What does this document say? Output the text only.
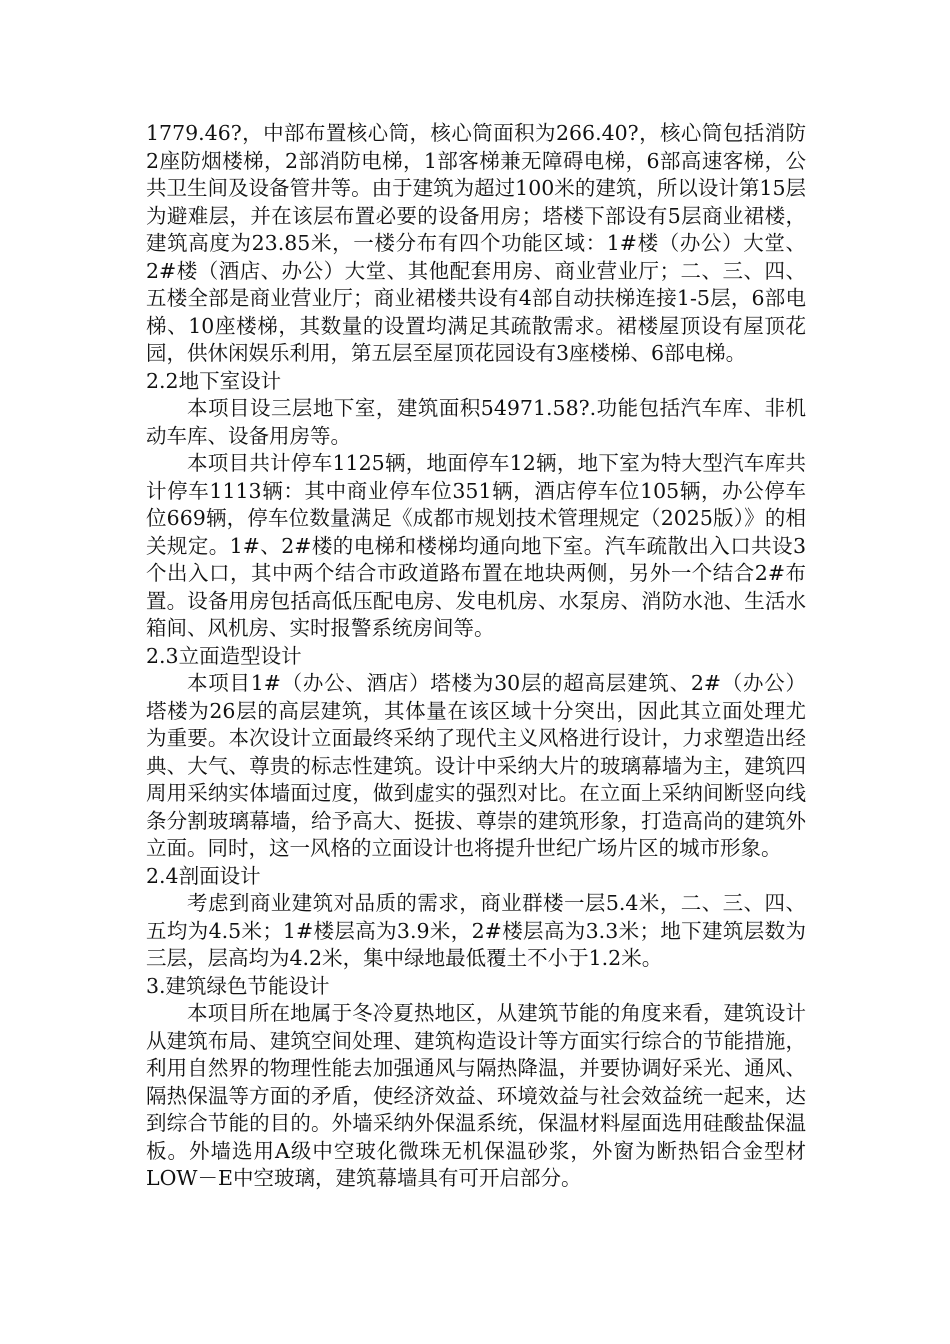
1779.46?，中部布置核心筒，核心筒面积为266.40?，核心筒包括消防2座防烟楼梯，2部消防电梯，1部客梯兼无障碍电梯，6部高速客梯，公共卫生间及设备管井等。由于建筑为超过100米的建筑，所以设计第15层为避难层，并在该层布置必要的设备用房；塔楼下部设有5层商业裙楼，建筑高度为23.85米，一楼分布有四个功能区域：1#楼（办公）大堂、2#楼（酒店、办公）大堂、其他配套用房、商业营业厅；二、三、四、五楼全部是商业营业厅；商业裙楼共设有4部自动扶梯连接1-5层，6部电梯、10座楼梯，其数量的设置均满足其疏散需求。裙楼屋顶设有屋顶花园，供休闲娱乐利用，第五层至屋顶花园设有3座楼梯、6部电梯。

2.2地下室设计

本项目设三层地下室，建筑面积54971.58?.功能包括汽车库、非机动车库、设备用房等。

本项目共计停车1125辆，地面停车12辆，地下室为特大型汽车库共计停车1113辆：其中商业停车位351辆，酒店停车位105辆，办公停车位669辆，停车位数量满足《成都市规划技术管理规定（2025版）》的相关规定。1#、2#楼的电梯和楼梯均通向地下室。汽车疏散出入口共设3个出入口，其中两个结合市政道路布置在地块两侧，另外一个结合2#布置。设备用房包括高低压配电房、发电机房、水泵房、消防水池、生活水箱间、风机房、实时报警系统房间等。

2.3立面造型设计

本项目1#（办公、酒店）塔楼为30层的超高层建筑、2#（办公）塔楼为26层的高层建筑，其体量在该区域十分突出，因此其立面处理尤为重要。本次设计立面最终采纳了现代主义风格进行设计，力求塑造出经典、大气、尊贵的标志性建筑。设计中采纳大片的玻璃幕墙为主，建筑四周用采纳实体墙面过度，做到虚实的强烈对比。在立面上采纳间断竖向线条分割玻璃幕墙，给予高大、挺拔、尊崇的建筑形象，打造高尚的建筑外立面。同时，这一风格的立面设计也将提升世纪广场片区的城市形象。

2.4剖面设计

考虑到商业建筑对品质的需求，商业群楼一层5.4米，二、三、四、五均为4.5米；1#楼层高为3.9米，2#楼层高为3.3米；地下建筑层数为三层，层高均为4.2米，集中绿地最低覆土不小于1.2米。

3.建筑绿色节能设计

本项目所在地属于冬冷夏热地区，从建筑节能的角度来看，建筑设计从建筑布局、建筑空间处理、建筑构造设计等方面实行综合的节能措施，利用自然界的物理性能去加强通风与隔热降温，并要协调好采光、通风、隔热保温等方面的矛盾，使经济效益、环境效益与社会效益统一起来，达到综合节能的目的。外墙采纳外保温系统，保温材料屋面选用硅酸盐保温板。外墙选用A级中空玻化微珠无机保温砂浆，外窗为断热铝合金型材LOW－E中空玻璃，建筑幕墙具有可开启部分。
